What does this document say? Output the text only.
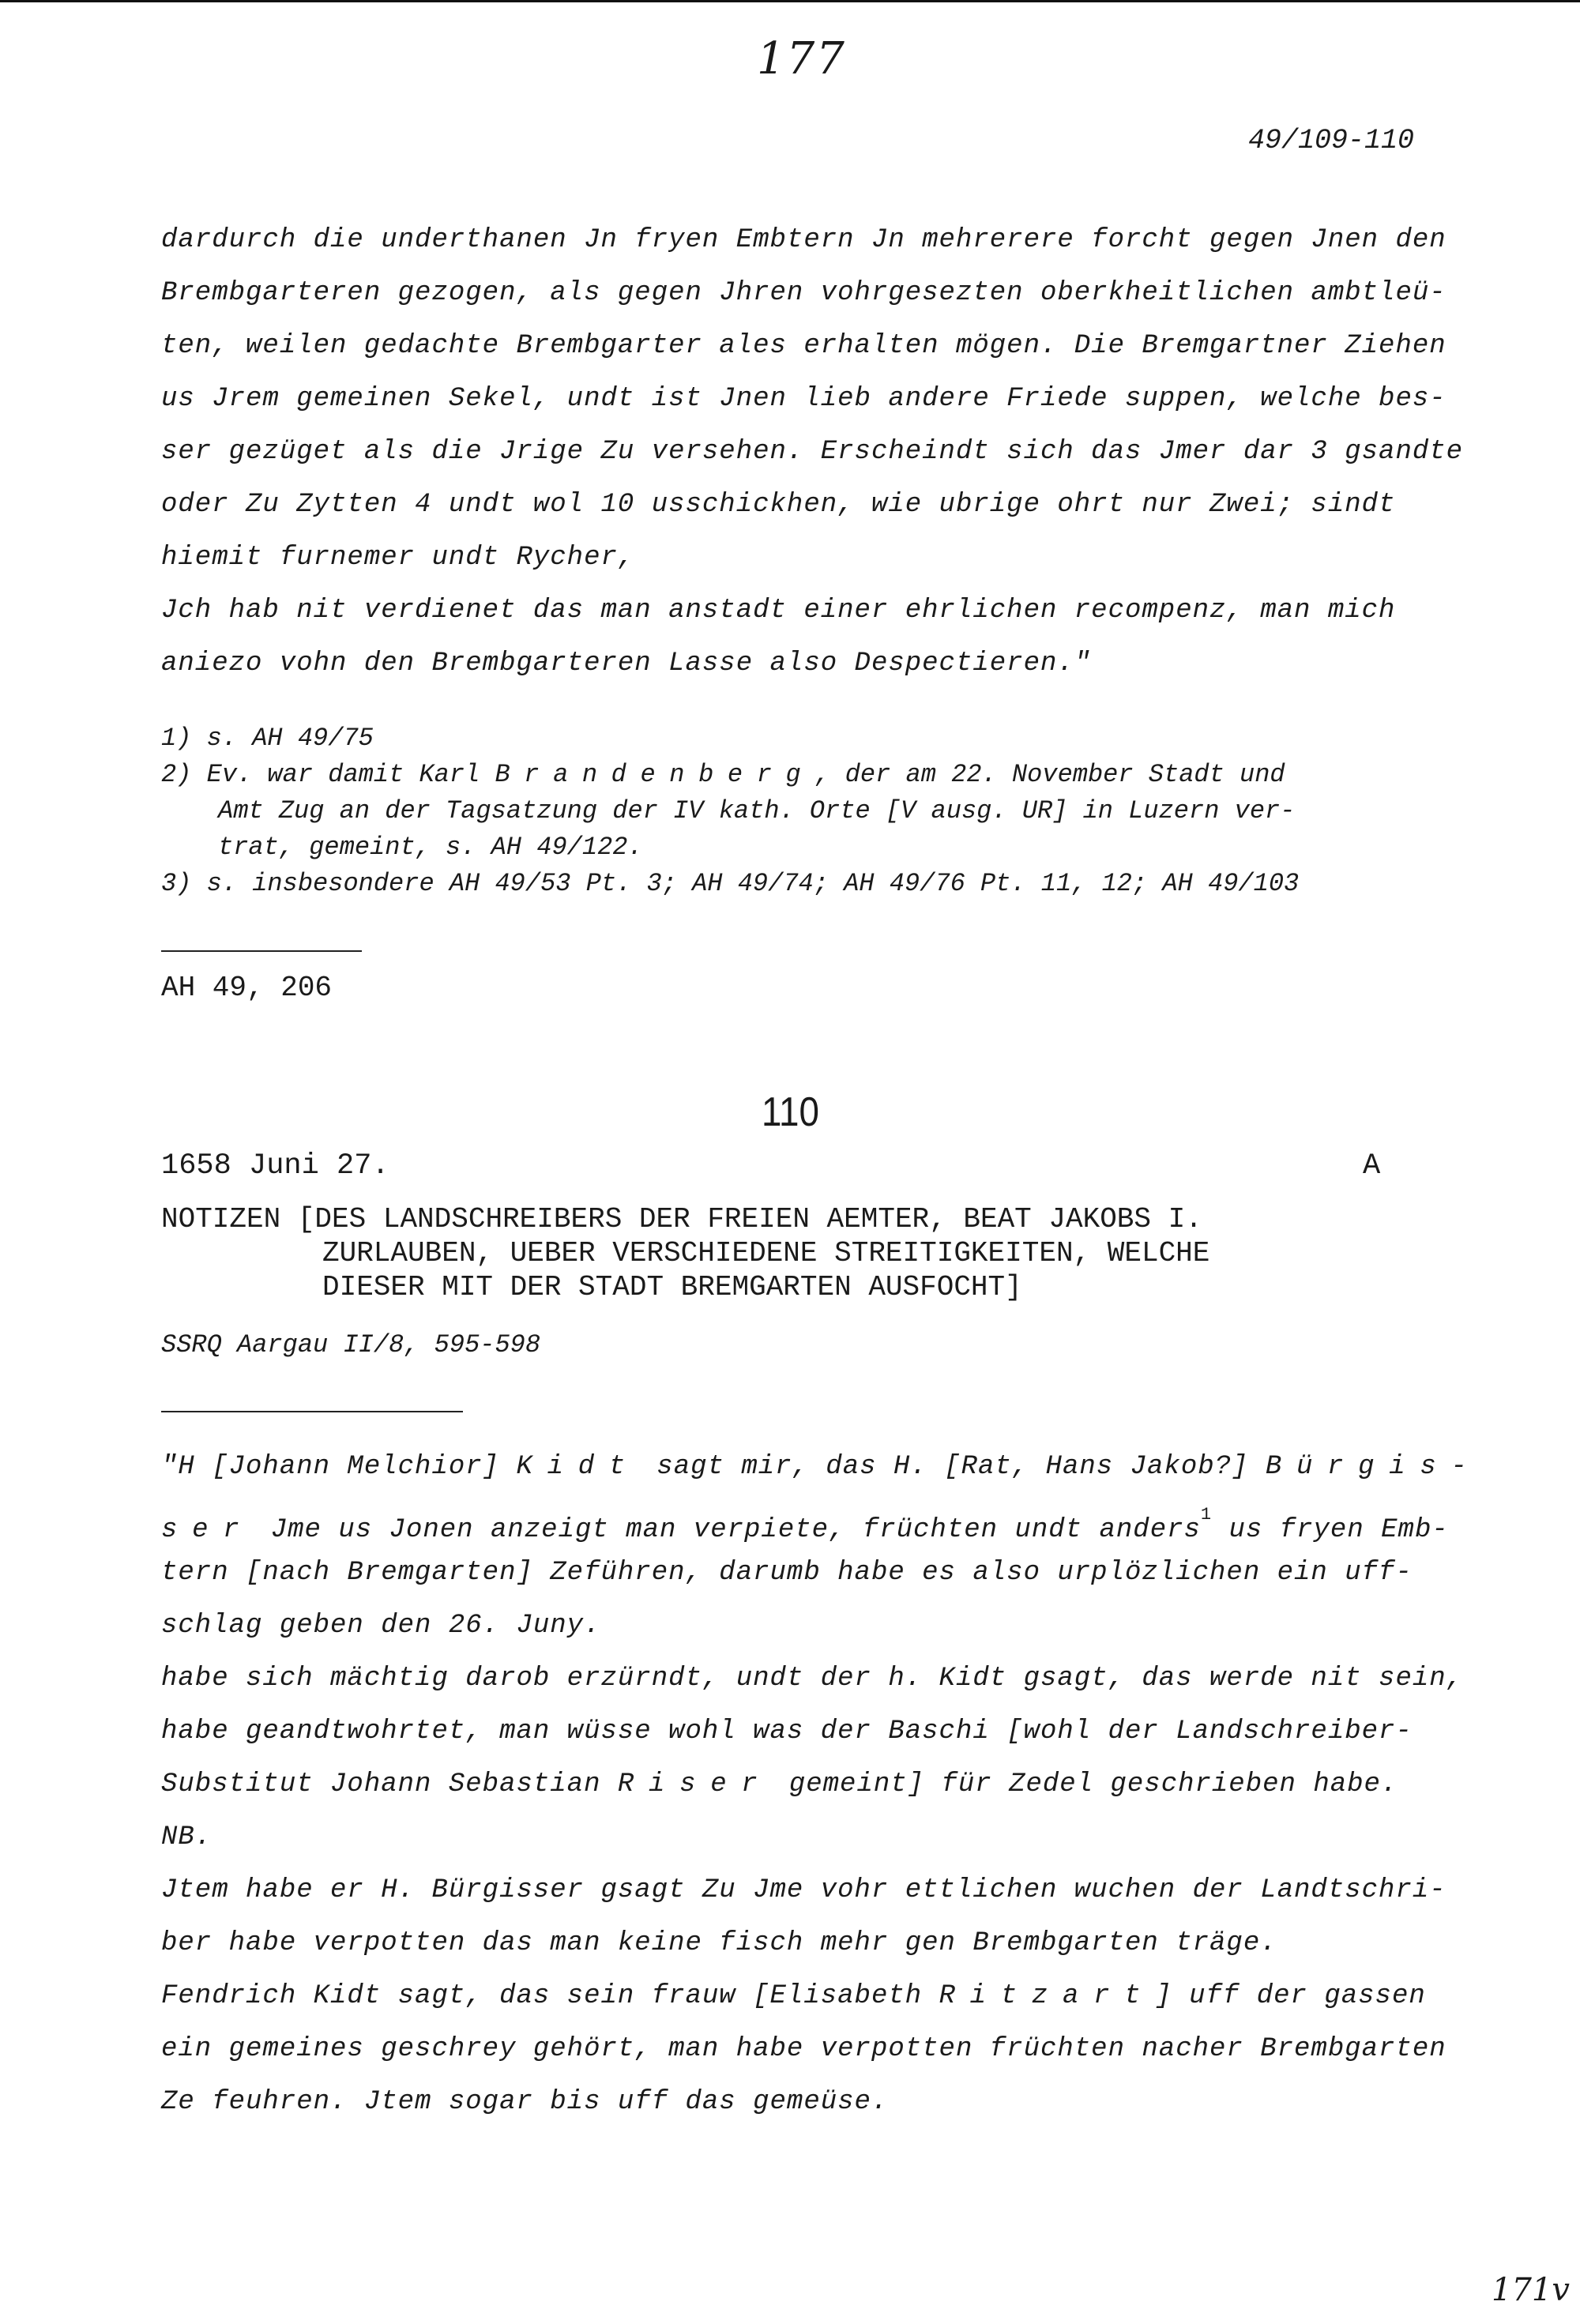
177
49/109-110
dardurch die underthanen Jn fryen Embtern Jn mehrerere forcht gegen Jnen den
Brembgarteren gezogen, als gegen Jhren vohrgesezten oberkheitlichen ambtleü-
ten, weilen gedachte Brembgarter ales erhalten mögen. Die Bremgartner Ziehen
us Jrem gemeinen Sekel, undt ist Jnen lieb andere Friede suppen, welche bes-
ser gezüget als die Jrige Zu versehen. Erscheindt sich das Jmer dar 3 gsandte
oder Zu Zytten 4 undt wol 10 usschickhen, wie ubrige ohrt nur Zwei; sindt
hiemit furnemer undt Rycher,
Jch hab nit verdienet das man anstadt einer ehrlichen recompenz, man mich
aniezo vohn den Brembgarteren Lasse also Despectieren."
1) s. AH 49/75
2) Ev. war damit Karl Brandenberg, der am 22. November Stadt und
Amt Zug an der Tagsatzung der IV kath. Orte [V ausg. UR] in Luzern ver-
trat, gemeint, s. AH 49/122.
3) s. insbesondere AH 49/53 Pt. 3; AH 49/74; AH 49/76 Pt. 11, 12; AH 49/103
AH 49, 206
110
1658 Juni 27.	A
NOTIZEN [DES LANDSCHREIBERS DER FREIEN AEMTER, BEAT JAKOBS I.
ZURLAUBEN, UEBER VERSCHIEDENE STREITIGKEITEN, WELCHE
DIESER MIT DER STADT BREMGARTEN AUSFOCHT]
SSRQ Aargau II/8, 595-598
"H [Johann Melchior] Kidt sagt mir, das H. [Rat, Hans Jakob?] Bürgis-
ser Jme us Jonen anzeigt man verpiete, früchten undt anders$^1$ us fryen Emb-
tern [nach Bremgarten] Zeführen, darumb habe es also urplözlichen ein uff-
schlag geben den 26. Juny.
habe sich mächtig darob erzürndt, undt der h. Kidt gsagt, das werde nit sein,
habe geandtwohrtet, man wüsse wohl was der Baschi [wohl der Landschreiber-
Substitut Johann Sebastian Riser gemeint] für Zedel geschrieben habe.
NB.
Jtem habe er H. Bürgisser gsagt Zu Jme vohr ettlichen wuchen der Landtschri-
ber habe verpotten das man keine fisch mehr gen Brembgarten träge.
Fendrich Kidt sagt, das sein frauw [Elisabeth Ritzart] uff der gassen
ein gemeines geschrey gehört, man habe verpotten früchten nacher Brembgarten
Ze feuhren. Jtem sogar bis uff das gemeüse.
171v
